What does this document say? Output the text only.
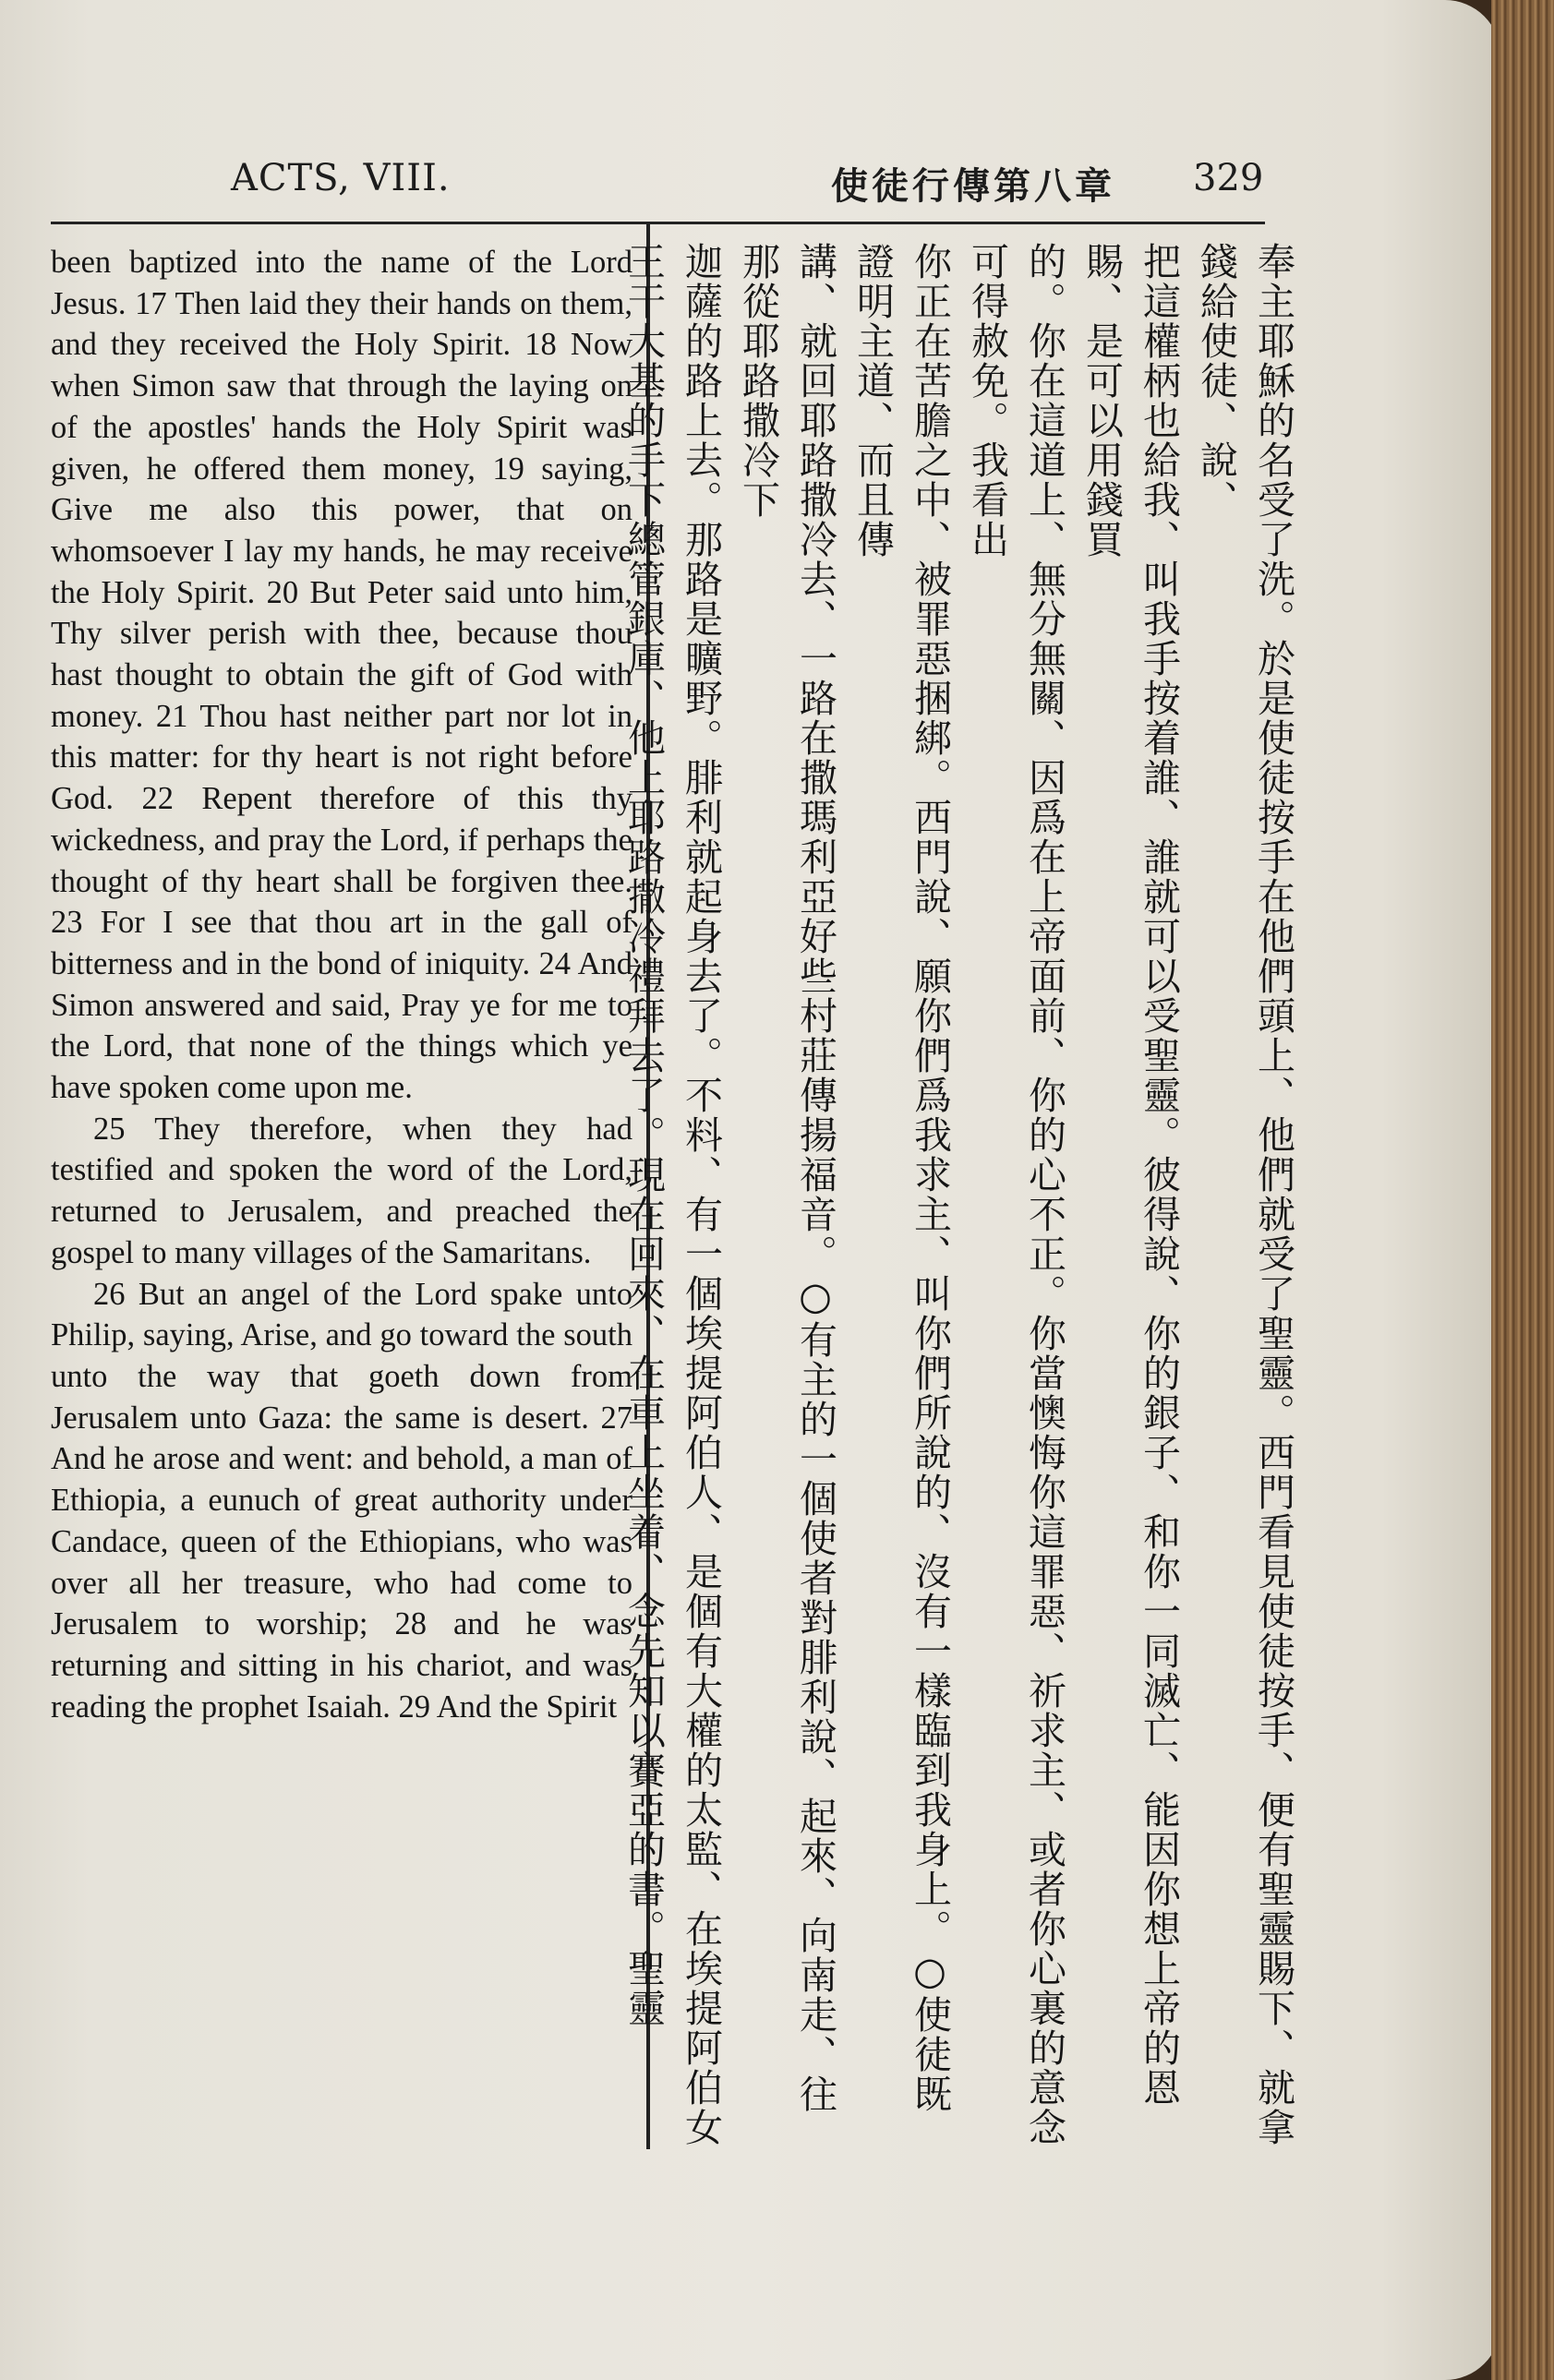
ACTS, VIII.	使徒行傳第八章 329

been baptized into the name of the Lord Jesus. 17 Then laid they their hands on them, and they received the Holy Spirit. 18 Now when Simon saw that through the laying on of the apostles' hands the Holy Spirit was given, he offered them money, 19 saying, Give me also this power, that on whomsoever I lay my hands, he may receive the Holy Spirit. 20 But Peter said unto him, Thy silver perish with thee, because thou hast thought to obtain the gift of God with money. 21 Thou hast neither part nor lot in this matter: for thy heart is not right before God. 22 Repent therefore of this thy wickedness, and pray the Lord, if perhaps the thought of thy heart shall be forgiven thee. 23 For I see that thou art in the gall of bitterness and in the bond of iniquity. 24 And Simon answered and said, Pray ye for me to the Lord, that none of the things which ye have spoken come upon me.

25 They therefore, when they had testified and spoken the word of the Lord, returned to Jerusalem, and preached the gospel to many villages of the Samaritans.

26 But an angel of the Lord spake unto Philip, saying, Arise, and go toward the south unto the way that goeth down from Jerusalem unto Gaza: the same is desert. 27 And he arose and went: and behold, a man of Ethiopia, a eunuch of great authority under Candace, queen of the Ethiopians, who was over all her treasure, who had come to Jerusalem to worship; 28 and he was returning and sitting in his chariot, and was reading the prophet Isaiah. 29 And the Spirit	奉主耶穌的名受了洗。於是使徒按手在他們頭上、他們就受了聖靈。西門看見使徒按手、便有聖靈賜下、就拿錢給使徒、說、

把這權柄也給我、叫我手按着誰、誰就可以受聖靈。彼得說、你的銀子、和你一同滅亡、能因你想上帝的恩賜、是可以用錢買

的。你在這道上、無分無關、因爲在上帝面前、你的心不正。你當懊悔你這罪惡、祈求主、或者你心裏的意念可得赦免。我看出

你正在苦膽之中、被罪惡捆綁。西門說、願你們爲我求主、叫你們所說的、沒有一樣臨到我身上。○使徒既證明主道、而且傳

講、就回耶路撒冷去、一路在撒瑪利亞好些村莊傳揚福音。○有主的一個使者對腓利說、起來、向南走、往那從耶路撒冷下

迦薩的路上去。那路是曠野。腓利就起身去了。不料、有一個埃提阿伯人、是個有大權的太監、在埃提阿伯女

王干大基的手下總管銀庫、他上耶路撒冷禮拜去了。現在回來、在車上坐着、念先知以賽亞的書。聖靈
